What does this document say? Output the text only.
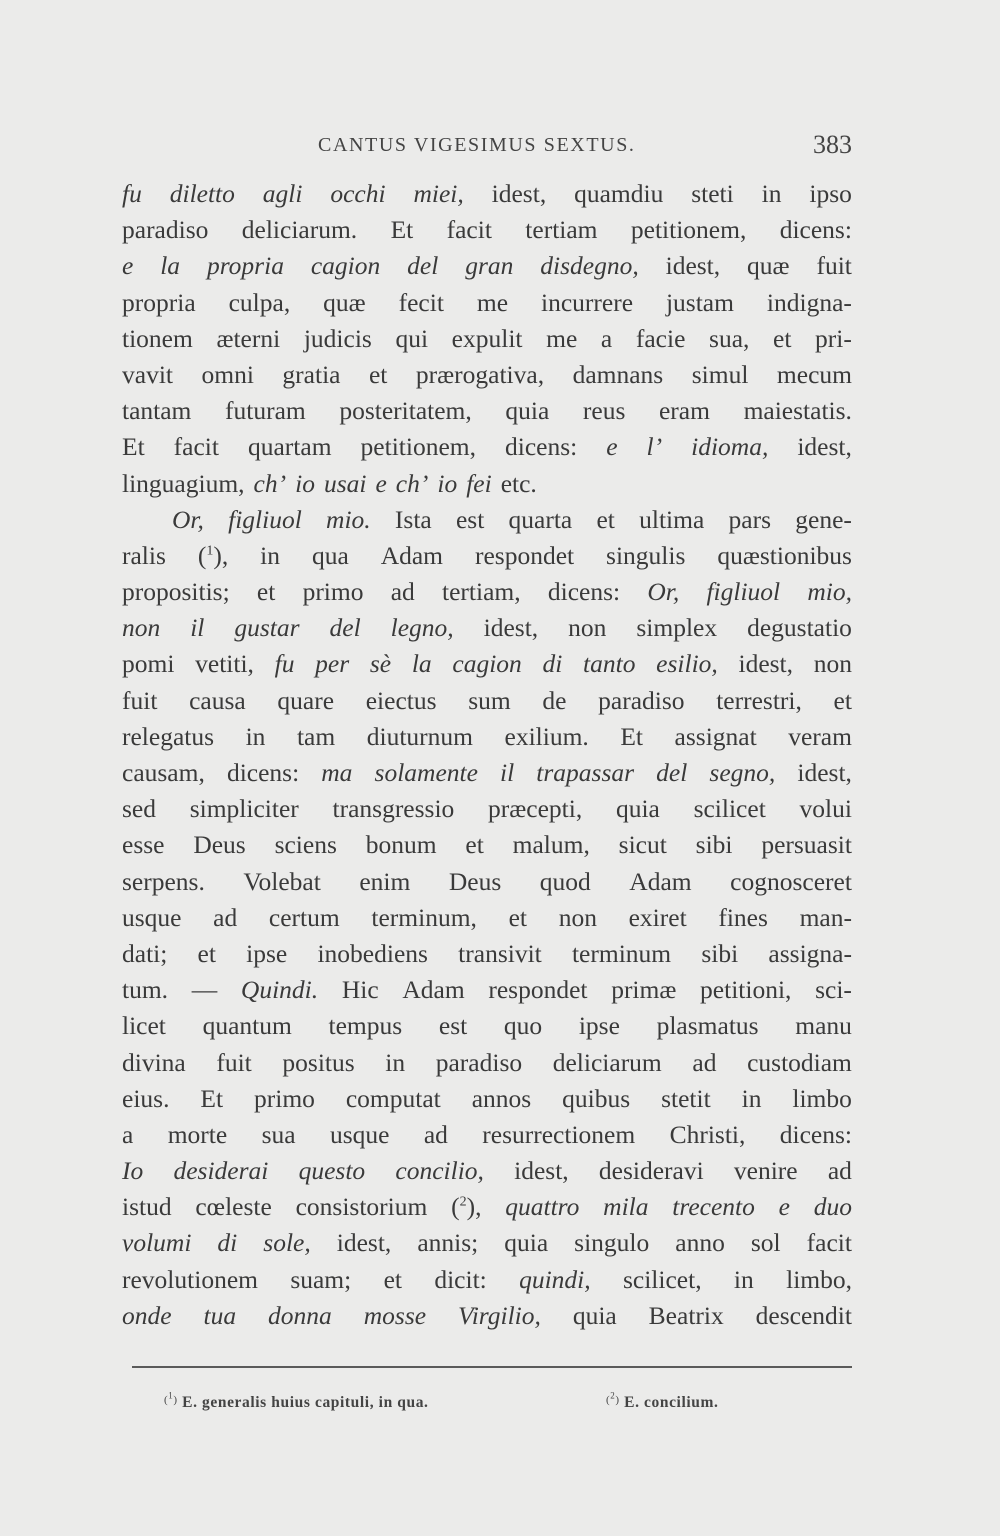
CANTUS VIGESIMUS SEXTUS.	383
fu diletto agli occhi miei, idest, quamdiu steti in ipso
paradiso deliciarum. Et facit tertiam petitionem, dicens:
e la propria cagion del gran disdegno, idest, quæ fuit
propria culpa, quæ fecit me incurrere justam indigna-
tionem æterni judicis qui expulit me a facie sua, et pri-
vavit omni gratia et prærogativa, damnans simul mecum
tantam futuram posteritatem, quia reus eram maiestatis.
Et facit quartam petitionem, dicens: e l’ idioma, idest,
linguagium, ch’ io usai e ch’ io fei etc.
Or, figliuol mio. Ista est quarta et ultima pars gene-
ralis ($^1$), in qua Adam respondet singulis quæstionibus
propositis; et primo ad tertiam, dicens: Or, figliuol mio,
non il gustar del legno, idest, non simplex degustatio
pomi vetiti, fu per sè la cagion di tanto esilio, idest, non
fuit causa quare eiectus sum de paradiso terrestri, et
relegatus in tam diuturnum exilium. Et assignat veram
causam, dicens: ma solamente il trapassar del segno, idest,
sed simpliciter transgressio præcepti, quia scilicet volui
esse Deus sciens bonum et malum, sicut sibi persuasit
serpens. Volebat enim Deus quod Adam cognosceret
usque ad certum terminum, et non exiret fines man-
dati; et ipse inobediens transivit terminum sibi assigna-
tum. — Quindi. Hic Adam respondet primæ petitioni, sci-
licet quantum tempus est quo ipse plasmatus manu
divina fuit positus in paradiso deliciarum ad custodiam
eius. Et primo computat annos quibus stetit in limbo
a morte sua usque ad resurrectionem Christi, dicens:
Io desiderai questo concilio, idest, desideravi venire ad
istud cœleste consistorium ($^2$), quattro mila trecento e duo
volumi di sole, idest, annis; quia singulo anno sol facit
revolutionem suam; et dicit: quindi, scilicet, in limbo,
onde tua donna mosse Virgilio, quia Beatrix descendit
$^{(^1)}$ E. generalis huius capituli, in qua.	$^{(^2)}$ E. concilium.
